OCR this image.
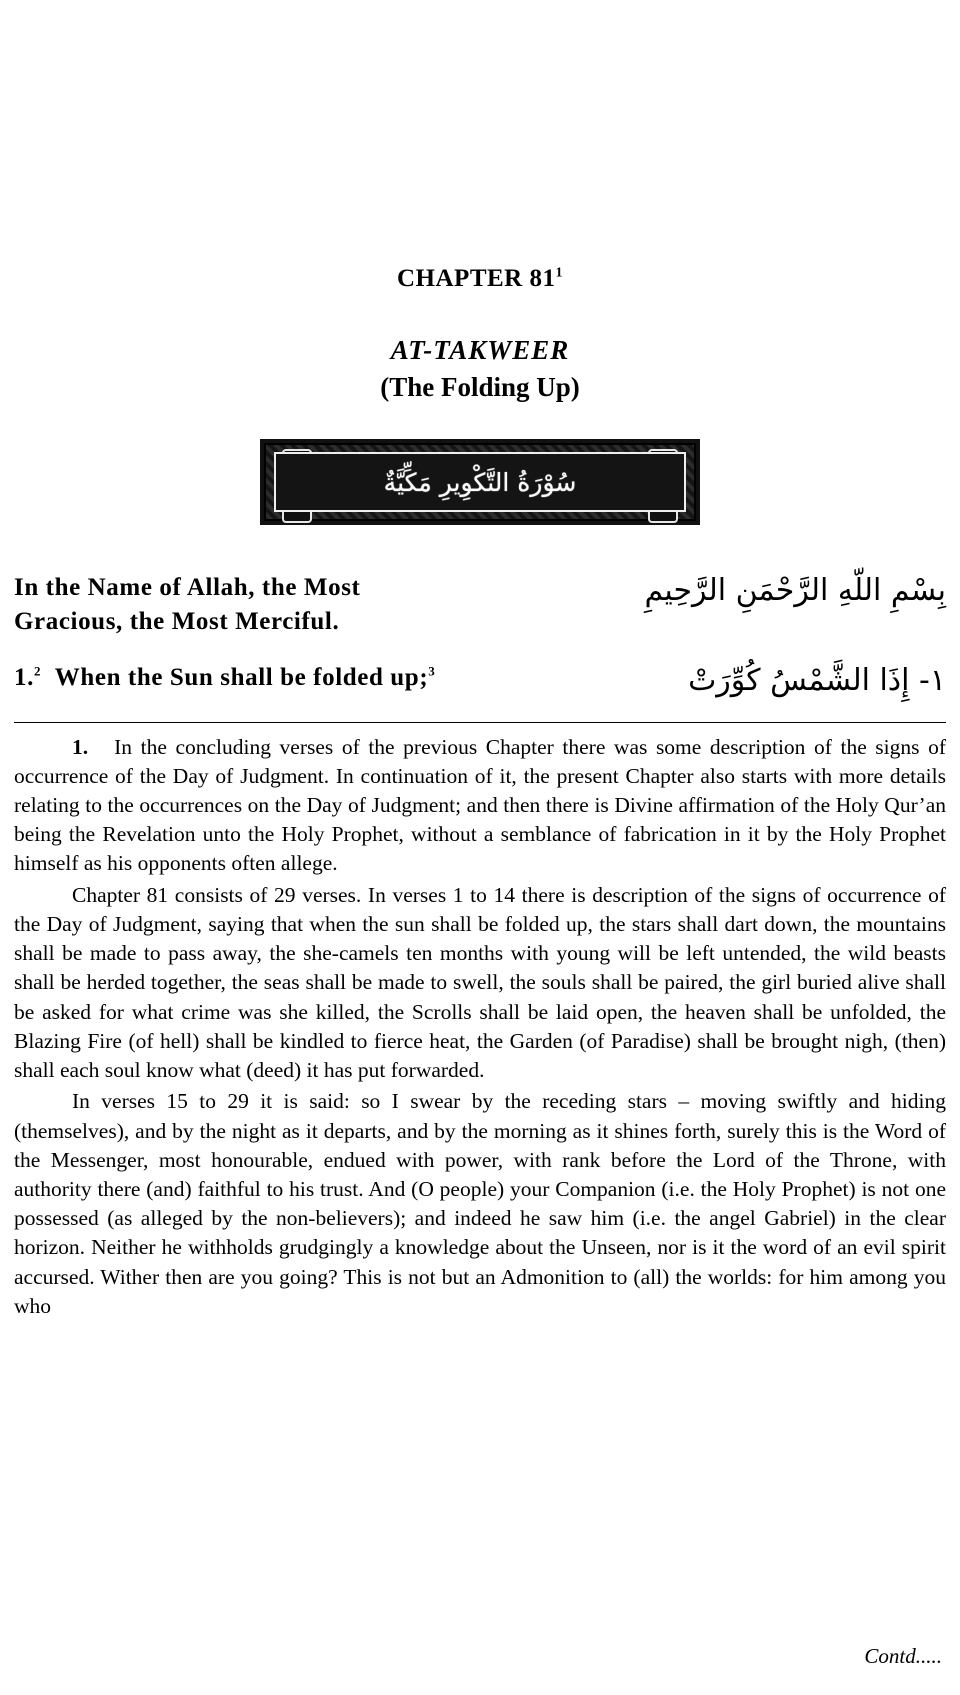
CHAPTER $81^1$
AT-TAKWEER
(The Folding Up)
سُوْرَةُ التَّكْوِيرِ مَكِّيَّةٌ
In the Name of Allah, the Most Gracious, the Most Merciful.
بِسْمِ اللّهِ الرَّحْمَنِ الرَّحِيمِ
1.$^2$ When the Sun shall be folded up;$^3$	١- إِذَا الشَّمْسُ كُوِّرَتْ

1. In the concluding verses of the previous Chapter there was some description of the signs of occurrence of the Day of Judgment. In continuation of it, the present Chapter also starts with more details relating to the occurrences on the Day of Judgment; and then there is Divine affirmation of the Holy Qur’an being the Revelation unto the Holy Prophet, without a semblance of fabrication in it by the Holy Prophet himself as his opponents often allege.

Chapter 81 consists of 29 verses. In verses 1 to 14 there is description of the signs of occurrence of the Day of Judgment, saying that when the sun shall be folded up, the stars shall dart down, the mountains shall be made to pass away, the she-camels ten months with young will be left untended, the wild beasts shall be herded together, the seas shall be made to swell, the souls shall be paired, the girl buried alive shall be asked for what crime was she killed, the Scrolls shall be laid open, the heaven shall be unfolded, the Blazing Fire (of hell) shall be kindled to fierce heat, the Garden (of Paradise) shall be brought nigh, (then) shall each soul know what (deed) it has put forwarded.

In verses 15 to 29 it is said: so I swear by the receding stars – moving swiftly and hiding (themselves), and by the night as it departs, and by the morning as it shines forth, surely this is the Word of the Messenger, most honourable, endued with power, with rank before the Lord of the Throne, with authority there (and) faithful to his trust. And (O people) your Companion (i.e. the Holy Prophet) is not one possessed (as alleged by the non-believers); and indeed he saw him (i.e. the angel Gabriel) in the clear horizon. Neither he withholds grudgingly a knowledge about the Unseen, nor is it the word of an evil spirit accursed. Wither then are you going? This is not but an Admonition to (all) the worlds: for him among you who

Contd.....
